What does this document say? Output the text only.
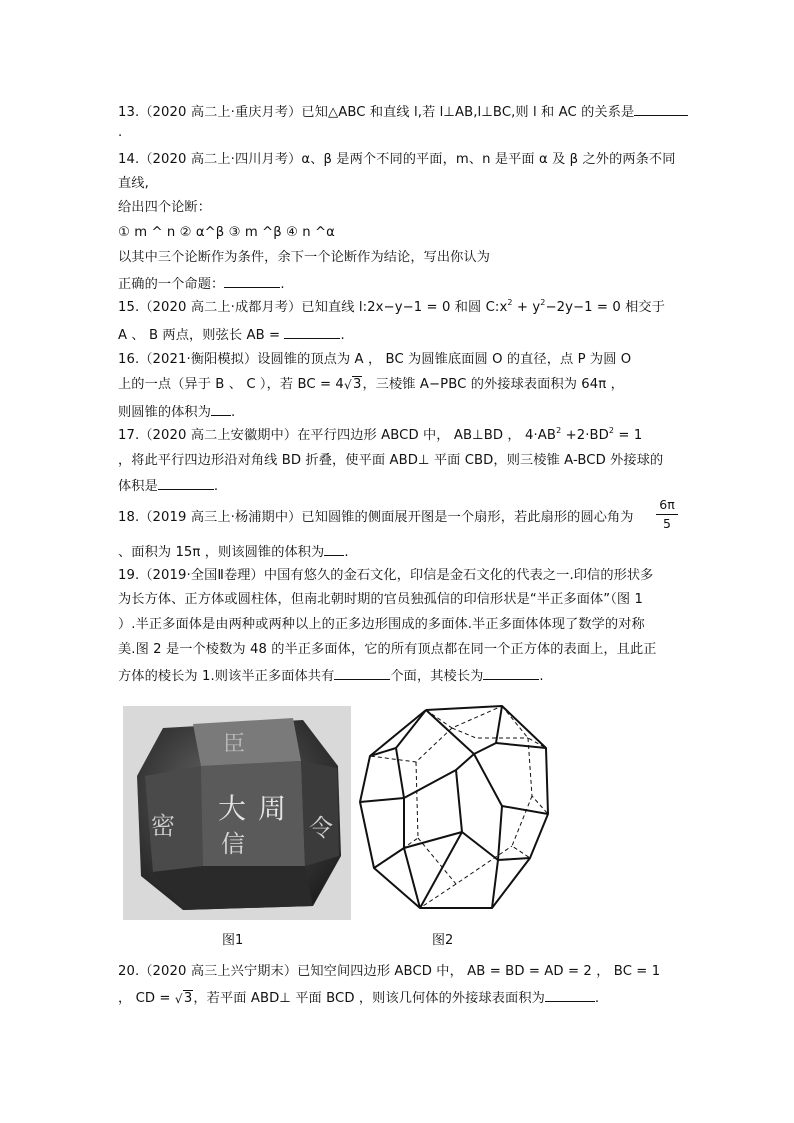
13.（2020 高二上·重庆月考）已知△ABC 和直线 l,若 l⊥AB,l⊥BC,则 l 和 AC 的关系是
.
14.（2020 高二上·四川月考）α、β 是两个不同的平面，m、n 是平面 α 及 β 之外的两条不同
直线,
给出四个论断：
① m ^ n ② α^β ③ m ^β ④ n ^α
以其中三个论断作为条件，余下一个论断作为结论，写出你认为
正确的一个命题：	.
15.（2020 高二上·成都月考）已知直线 l:2x−y−1 = 0 和圆 $C:x^2 + y^2-2y-1 = 0$ 相交于
A 、 B 两点，则弦长 AB =	.
16.（2021·衡阳模拟）设圆锥的顶点为 A ， BC 为圆锥底面圆 O 的直径，点 P 为圆 O
上的一点（异于 B 、 C ），若 BC = 4 √ 3，三棱锥 A−PBC 的外接球表面积为 64π ，
则圆锥的体积为 .
17.（2020 高二上安徽期中）在平行四边形 ABCD 中， AB⊥BD ， $4\cdot AB^2 +2\cdot BD^2 = 1$
，将此平行四边形沿对角线 BD 折叠，使平面 ABD⊥ 平面 CBD，则三棱锥 A-BCD 外接球的
体积是	.
18.（2019 高三上·杨浦期中）已知圆锥的侧面展开图是一个扇形，若此扇形的圆心角为
6π
5
、面积为 15π ，则该圆锥的体积为 .
19.（2019·全国Ⅱ卷理）中国有悠久的金石文化，印信是金石文化的代表之一.印信的形状多
为长方体、正方体或圆柱体，但南北朝时期的官员独孤信的印信形状是“半正多面体”（图 1
）.半正多面体是由两种或两种以上的正多边形围成的多面体.半正多面体体现了数学的对称
美.图 2 是一个棱数为 48 的半正多面体，它的所有顶点都在同一个正方体的表面上，且此正
方体的棱长为 1.则该半正多面体共有	个面，其棱长为	.
大 周
信
令
密
臣
图1	图2
20.（2020 高三上兴宁期末）已知空间四边形 ABCD 中， AB = BD = AD = 2 ， BC = 1
， CD = √ 3，若平面 ABD⊥ 平面 BCD ，则该几何体的外接球表面积为	.
